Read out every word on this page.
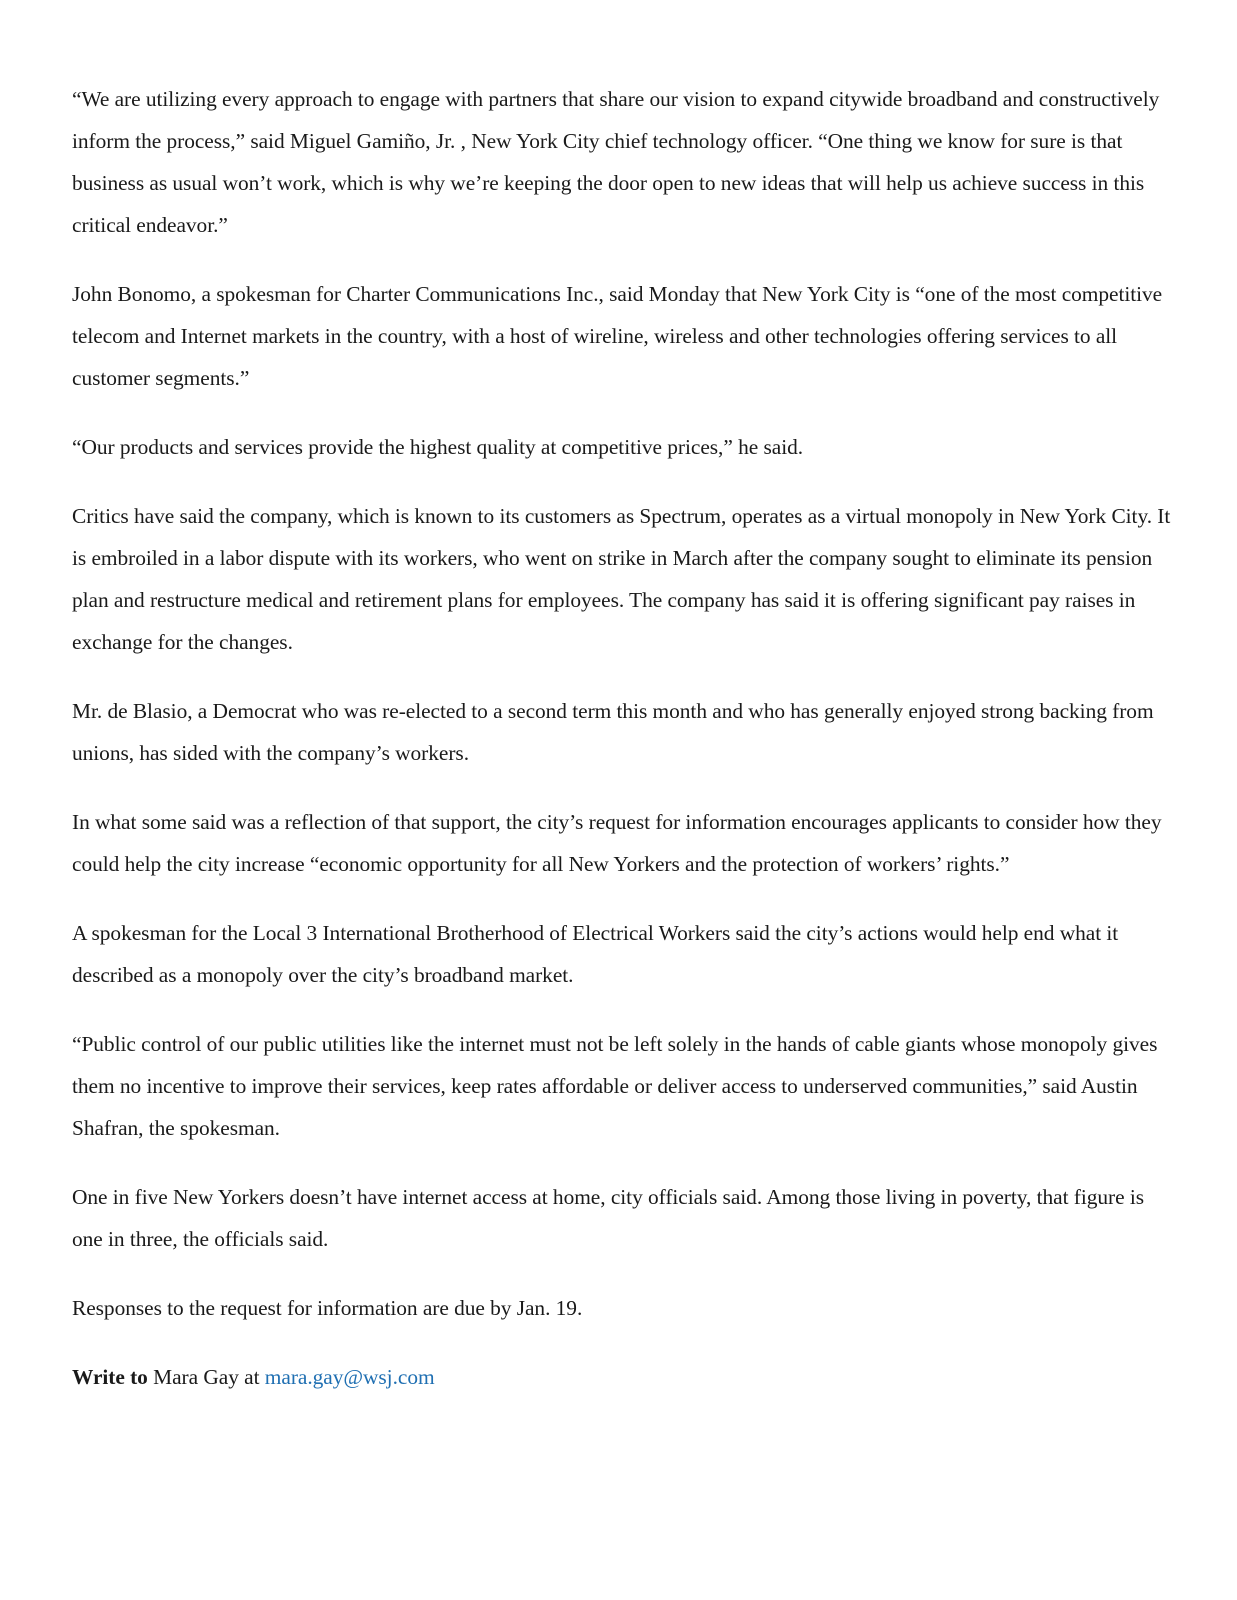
“We are utilizing every approach to engage with partners that share our vision to expand citywide broadband and constructively inform the process,” said Miguel Gamiño, Jr. , New York City chief technology officer. “One thing we know for sure is that business as usual won’t work, which is why we’re keeping the door open to new ideas that will help us achieve success in this critical endeavor.”

John Bonomo, a spokesman for Charter Communications Inc., said Monday that New York City is “one of the most competitive telecom and Internet markets in the country, with a host of wireline, wireless and other technologies offering services to all customer segments.”

“Our products and services provide the highest quality at competitive prices,” he said.

Critics have said the company, which is known to its customers as Spectrum, operates as a virtual monopoly in New York City. It is embroiled in a labor dispute with its workers, who went on strike in March after the company sought to eliminate its pension plan and restructure medical and retirement plans for employees. The company has said it is offering significant pay raises in exchange for the changes.

Mr. de Blasio, a Democrat who was re-elected to a second term this month and who has generally enjoyed strong backing from unions, has sided with the company’s workers.

In what some said was a reflection of that support, the city’s request for information encourages applicants to consider how they could help the city increase “economic opportunity for all New Yorkers and the protection of workers’ rights.”

A spokesman for the Local 3 International Brotherhood of Electrical Workers said the city’s actions would help end what it described as a monopoly over the city’s broadband market.

“Public control of our public utilities like the internet must not be left solely in the hands of cable giants whose monopoly gives them no incentive to improve their services, keep rates affordable or deliver access to underserved communities,” said Austin Shafran, the spokesman.

One in five New Yorkers doesn’t have internet access at home, city officials said. Among those living in poverty, that figure is one in three, the officials said.

Responses to the request for information are due by Jan. 19.

Write to Mara Gay at mara.gay@wsj.com
